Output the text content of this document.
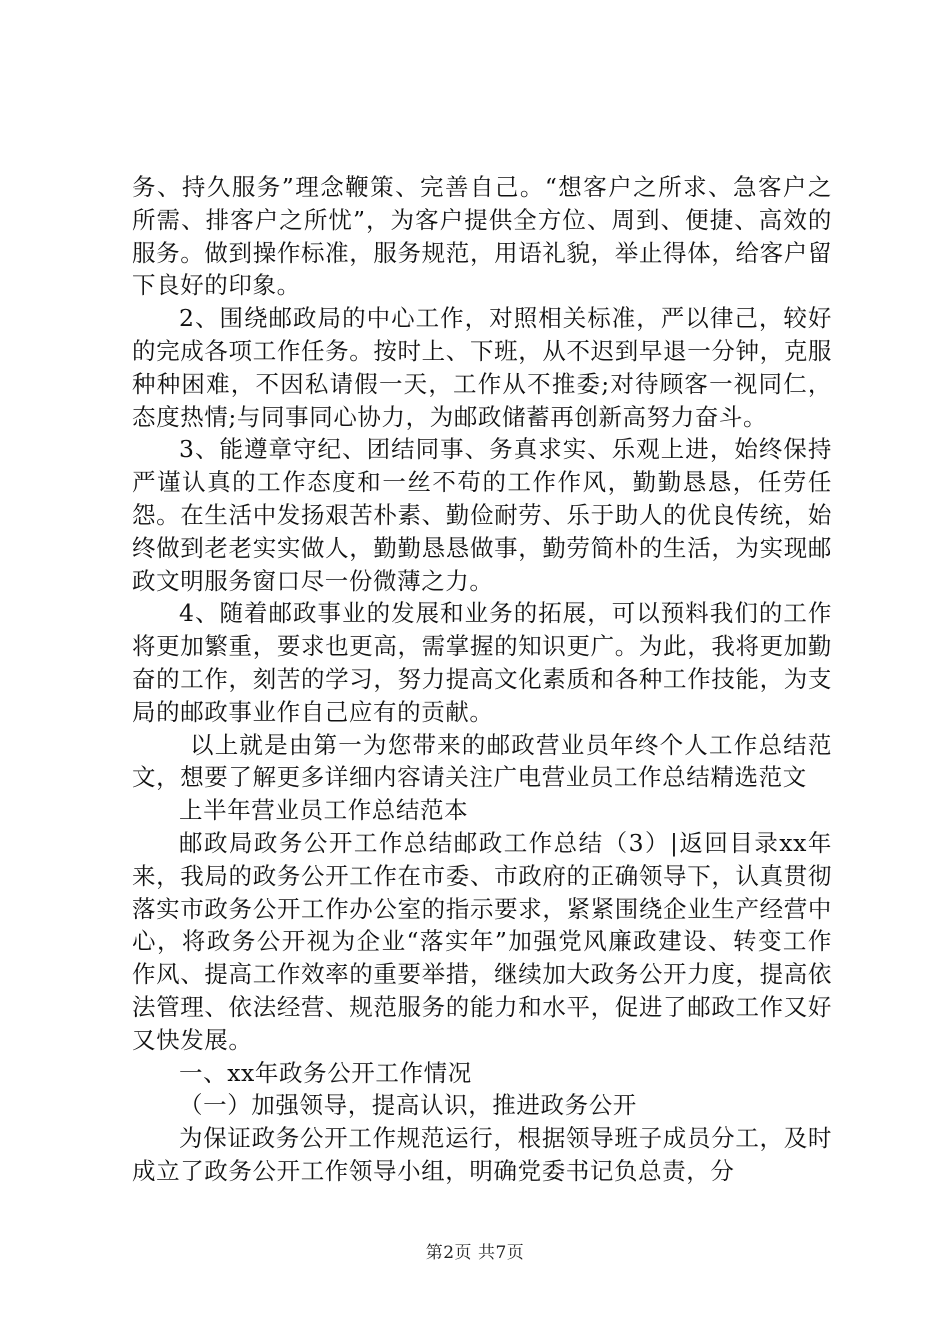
务、持久服务”理念鞭策、完善自己。“想客户之所求、急客户之所需、排客户之所忧”，为客户提供全方位、周到、便捷、高效的服务。做到操作标准，服务规范，用语礼貌，举止得体，给客户留下良好的印象。

2、围绕邮政局的中心工作，对照相关标准，严以律己，较好的完成各项工作任务。按时上、下班，从不迟到早退一分钟，克服种种困难，不因私请假一天，工作从不推委;对待顾客一视同仁，态度热情;与同事同心协力，为邮政储蓄再创新高努力奋斗。

3、能遵章守纪、团结同事、务真求实、乐观上进，始终保持严谨认真的工作态度和一丝不苟的工作作风，勤勤恳恳，任劳任怨。在生活中发扬艰苦朴素、勤俭耐劳、乐于助人的优良传统，始终做到老老实实做人，勤勤恳恳做事，勤劳简朴的生活，为实现邮政文明服务窗口尽一份微薄之力。

4、随着邮政事业的发展和业务的拓展，可以预料我们的工作将更加繁重，要求也更高，需掌握的知识更广。为此，我将更加勤奋的工作，刻苦的学习，努力提高文化素质和各种工作技能，为支局的邮政事业作自己应有的贡献。

以上就是由第一为您带来的邮政营业员年终个人工作总结范文，想要了解更多详细内容请关注广电营业员工作总结精选范文

上半年营业员工作总结范本

邮政局政务公开工作总结邮政工作总结（3）|返回目录xx年来，我局的政务公开工作在市委、市政府的正确领导下，认真贯彻落实市政务公开工作办公室的指示要求，紧紧围绕企业生产经营中心，将政务公开视为企业“落实年”加强党风廉政建设、转变工作作风、提高工作效率的重要举措，继续加大政务公开力度，提高依法管理、依法经营、规范服务的能力和水平，促进了邮政工作又好又快发展。

一、xx年政务公开工作情况

（一）加强领导，提高认识，推进政务公开

为保证政务公开工作规范运行，根据领导班子成员分工，及时成立了政务公开工作领导小组，明确党委书记负总责，分

第2页 共7页
